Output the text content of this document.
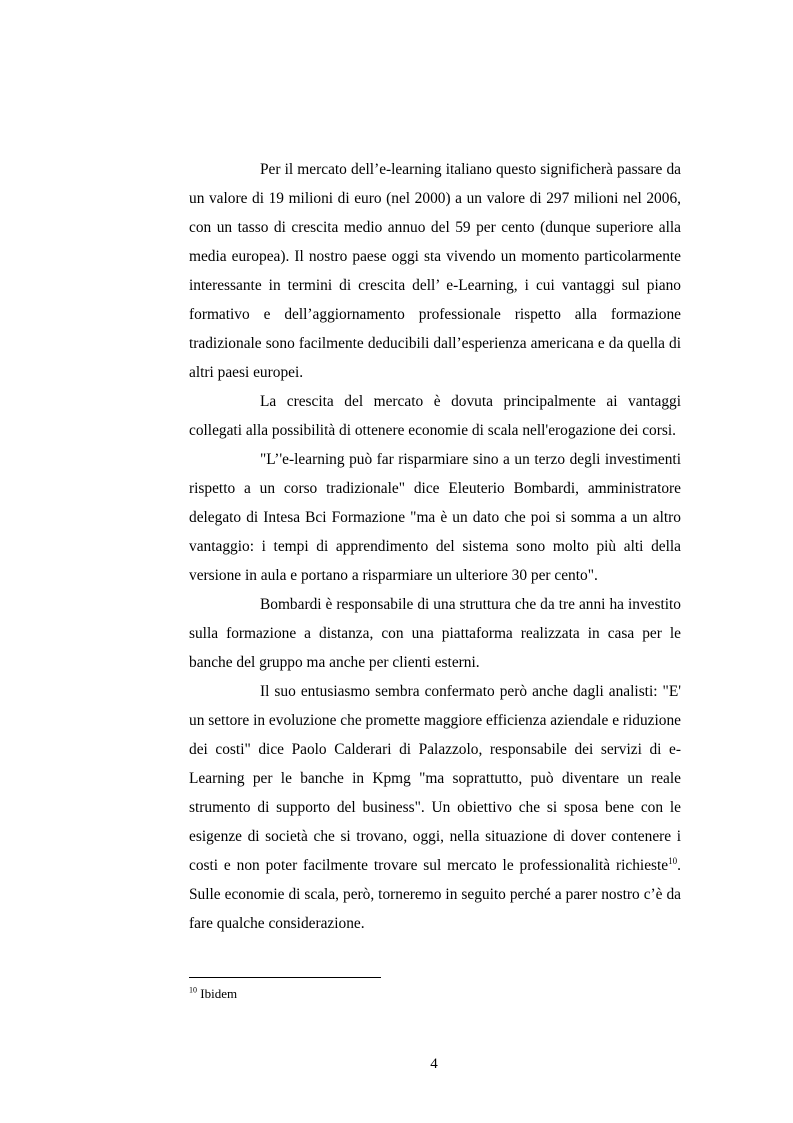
Per il mercato dell’e-learning italiano questo significherà passare da un valore di 19 milioni di euro (nel 2000) a un valore di 297 milioni nel 2006, con un tasso di crescita medio annuo del 59 per cento (dunque superiore alla media europea). Il nostro paese oggi sta vivendo un momento particolarmente interessante in termini di crescita dell’ e-Learning, i cui vantaggi sul piano formativo e dell’aggiornamento professionale rispetto alla formazione tradizionale sono facilmente deducibili dall’esperienza americana e da quella di altri paesi europei.

La crescita del mercato è dovuta principalmente ai vantaggi collegati alla possibilità di ottenere economie di scala nell'erogazione dei corsi.

"L’'e-learning può far risparmiare sino a un terzo degli investimenti rispetto a un corso tradizionale" dice Eleuterio Bombardi, amministratore delegato di Intesa Bci Formazione "ma è un dato che poi si somma a un altro vantaggio: i tempi di apprendimento del sistema sono molto più alti della versione in aula e portano a risparmiare un ulteriore 30 per cento".

Bombardi è responsabile di una struttura che da tre anni ha investito sulla formazione a distanza, con una piattaforma realizzata in casa per le banche del gruppo ma anche per clienti esterni.

Il suo entusiasmo sembra confermato però anche dagli analisti: "E' un settore in evoluzione che promette maggiore efficienza aziendale e riduzione dei costi" dice Paolo Calderari di Palazzolo, responsabile dei servizi di e-Learning per le banche in Kpmg "ma soprattutto, può diventare un reale strumento di supporto del business". Un obiettivo che si sposa bene con le esigenze di società che si trovano, oggi, nella situazione di dover contenere i costi e non poter facilmente trovare sul mercato le professionalità richieste$^{10}$. Sulle economie di scala, però, torneremo in seguito perché a parer nostro c’è da fare qualche considerazione.

$^{10}$ Ibidem
4
